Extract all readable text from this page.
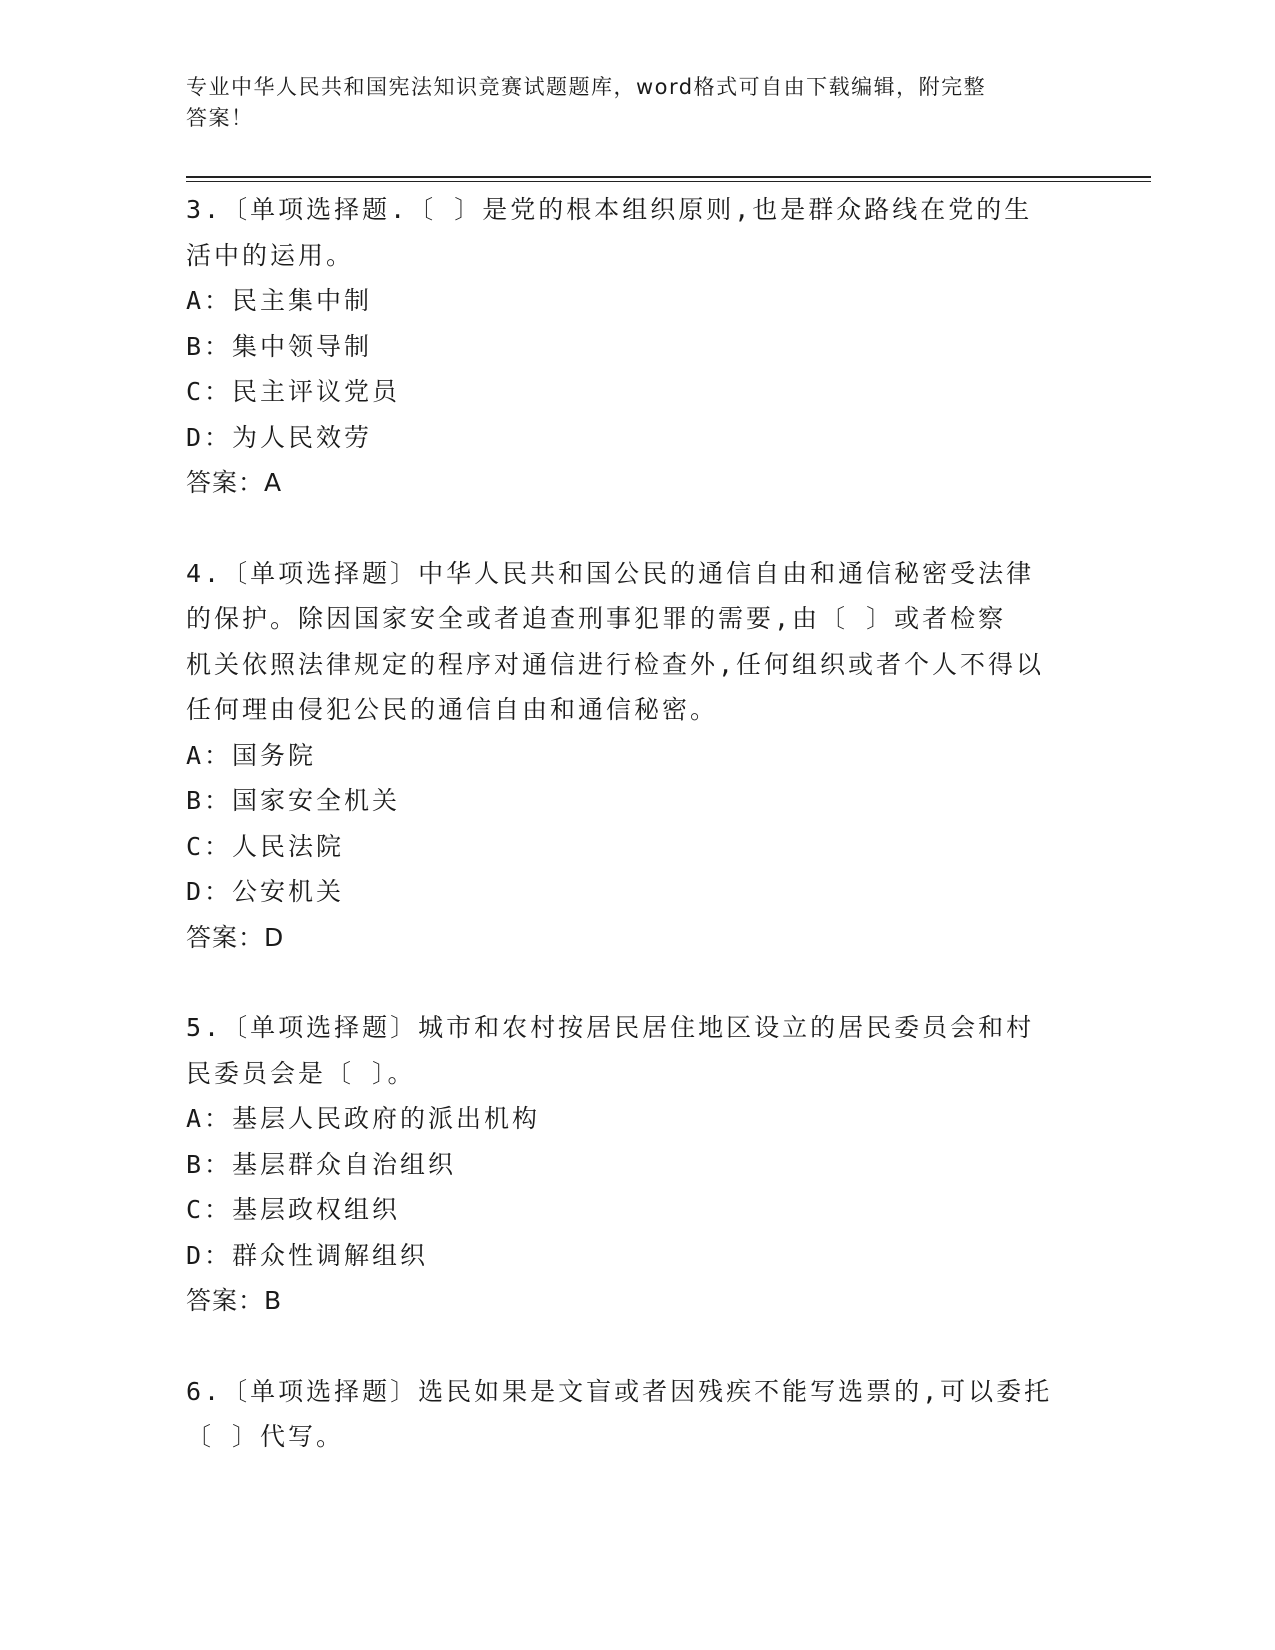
专业中华人民共和国宪法知识竞赛试题题库，word格式可自由下载编辑，附完整
答案！
3.〔单项选择题.〔 〕是党的根本组织原则,也是群众路线在党的生
活中的运用。
A：民主集中制
B：集中领导制
C：民主评议党员
D：为人民效劳
答案：A
4.〔单项选择题〕中华人民共和国公民的通信自由和通信秘密受法律
的保护。除因国家安全或者追查刑事犯罪的需要,由〔 〕或者检察
机关依照法律规定的程序对通信进行检查外,任何组织或者个人不得以
任何理由侵犯公民的通信自由和通信秘密。
A：国务院
B：国家安全机关
C：人民法院
D：公安机关
答案：D
5.〔单项选择题〕城市和农村按居民居住地区设立的居民委员会和村
民委员会是〔 〕。
A：基层人民政府的派出机构
B：基层群众自治组织
C：基层政权组织
D：群众性调解组织
答案：B
6.〔单项选择题〕选民如果是文盲或者因残疾不能写选票的,可以委托
〔 〕代写。
